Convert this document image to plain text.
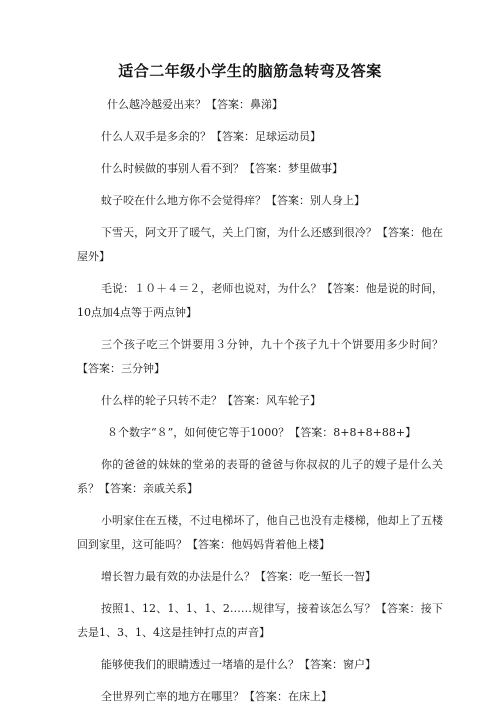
适合二年级小学生的脑筋急转弯及答案

什么越冷越爱出来？【答案：鼻涕】

什么人双手是多余的？【答案：足球运动员】

什么时候做的事别人看不到？【答案：梦里做事】

蚊子咬在什么地方你不会觉得痒？【答案：别人身上】

下雪天，阿文开了暖气，关上门窗，为什么还感到很冷？【答案：他在屋外】

毛说：１０＋４＝２，老师也说对，为什么？【答案：他是说的时间，10点加4点等于两点钟】

三个孩子吃三个饼要用３分钟，九十个孩子九十个饼要用多少时间？【答案：三分钟】

什么样的轮子只转不走？【答案：风车轮子】

８个数字“８”，如何使它等于1000？【答案：8+8+8+88+】

你的爸爸的妹妹的堂弟的表哥的爸爸与你叔叔的儿子的嫂子是什么关系？【答案：亲戚关系】

小明家住在五楼，不过电梯坏了，他自己也没有走楼梯，他却上了五楼回到家里，这可能吗？【答案：他妈妈背着他上楼】

增长智力最有效的办法是什么？【答案：吃一堑长一智】

按照1、12、1、1、1、2……规律写，接着该怎么写？【答案：接下去是1、3、1、4这是挂钟打点的声音】

能够使我们的眼睛透过一堵墙的是什么？【答案：窗户】

全世界列亡率的地方在哪里？【答案：在床上】
